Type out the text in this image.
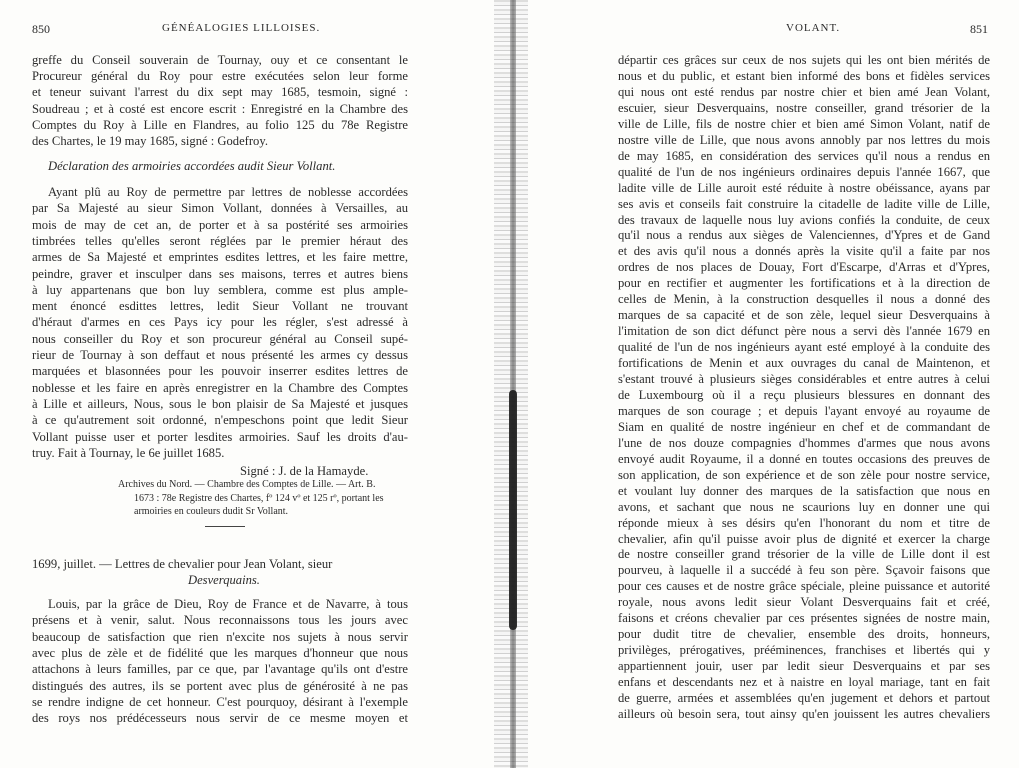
850	GÉNÉALOGIES LILLOISES.
greffe du Conseil souverain de Tournay, ouy et ce consentant le
Procureur général du Roy pour estre exécutées selon leur forme
et teneur suivant l'arrest du dix sept may 1685, tesmoin, signé :
Soudreau ; et à costé est encore escrit : Enregistré en la Chambre des
Comptes du Roy à Lille en Flandres, au folio 125 du 78e Registre
des Chartes, le 19 may 1685, signé : Godefroy.
Déclaration des armoiries accordées audit Sieur Vollant.
Ayant plû au Roy de permettre par lettres de noblesse accordées
par Sa Majesté au sieur Simon Vollant, données à Versailles, au
mois de may de cet an, de porter et à sa postérité ses armoiries
timbrées telles qu'elles seront réglées par le premier héraut des
armes de Sa Majesté et emprintes esdites lettres, et les faire mettre,
peindre, graver et insculper dans ses maisons, terres et autres biens
à luy appartenans que bon luy semblera, comme est plus ample-
ment énoncé esdittes lettres, ledit Sieur Vollant ne trouvant
d'héraut d'armes en ces Pays icy pour les régler, s'est adressé à
nous conseiller du Roy et son procureur général au Conseil supé-
rieur de Tournay à son deffaut et nous présenté les armes cy dessus
marquées et blasonnées pour les pouvoir inserrer esdites lettres de
noblesse et les faire en après enregistrer en la Chambre des Comptes
à Lille et ailleurs, Nous, sous le bon plaisir de Sa Majesté et jusques
à ce qu'autrement soit ordonné, n'empeschons point que ledit Sieur
Vollant puisse user et porter lesdites armoiries. Sauf les droits d'au-
truy. Fait à Tournay, le 6e juillet 1685.
Signé : J. de la Hamayde.
Archives du Nord. — Chambre des Comptes de Lille. — Art. B.
1673 : 78e Registre des Chartes, fº 124 vº et 125 rº, portant les
armoiries en couleurs dudit Sr Vollant.
1699, juillet. — Lettres de chevalier pour Jean Volant, sieur
Desverquains.
Louis, par la grâce de Dieu, Roy de France et de Navarre, à tous
présens et à venir, salut. Nous reconnaissons tous les jours avec
beaucoup de satisfaction que rien n'excite nos sujets à nous servir
avec plus de zèle et de fidélité que les marques d'honneur que nous
attachons à leurs familles, par ce que, par l'avantage qu'ils ont d'estre
distingués des autres, ils se portent avec plus de générosité à ne pas
se rendre indigne de cet honneur. C'est pourquoy, désirant à l'exemple
des roys nos prédécesseurs nous servir de ce mesme moyen et
VOLANT.	851
départir ces grâces sur ceux de nos sujets qui les ont bien mérités de
nous et du public, et estant bien informé des bons et fidèles services
qui nous ont esté rendus par nostre chier et bien amé Jean Volant,
escuier, sieur Desverquains, nostre conseiller, grand trésorier de la
ville de Lille, fils de nostre chier et bien amé Simon Volant, natif de
nostre ville de Lille, que nous avons annobly par nos lettres du mois
de may 1685, en considération des services qu'il nous a rendus en
qualité de l'un de nos ingénieurs ordinaires depuis l'année 1667, que
ladite ville de Lille auroit esté réduite à nostre obéissance, ayans par
ses avis et conseils fait construire la citadelle de ladite ville de Lille,
des travaux de laquelle nous luy avions confiés la conduite, de ceux
qu'il nous a rendus aux sièges de Valenciennes, d'Ypres et de Gand
et des avis qu'il nous a donnés après la visite qu'il a faite par nos
ordres de nos places de Douay, Fort d'Escarpe, d'Arras et d'Ypres,
pour en rectifier et augmenter les fortifications et à la direction de
celles de Menin, à la construction desquelles il nous a donné des
marques de sa capacité et de son zèle, lequel sieur Desverquains à
l'imitation de son dict défunct père nous a servi dès l'année 1679 en
qualité de l'un de nos ingénieurs ayant esté employé à la conduite des
fortifications de Menin et aux ouvrages du canal de Maintenon, et
s'estant trouvé à plusieurs sièges considérables et entre autres à celui
de Luxembourg où il a reçu plusieurs blessures en donnant des
marques de son courage ; et depuis l'ayant envoyé au royaume de
Siam en qualité de nostre ingénieur en chef et de commandant de
l'une de nos douze compagnies d'hommes d'armes que nous avons
envoyé audit Royaume, il a donné en toutes occasions des preuves de
son application, de son expérience et de son zèle pour nostre service,
et voulant luy donner des marques de la satisfaction que nous en
avons, et sachant que nous ne scaurions luy en donner une qui
réponde mieux à ses désirs qu'en l'honorant du nom et titre de
chevalier, afin qu'il puisse avoir plus de dignité et exercer la charge
de nostre conseiller grand trésorier de la ville de Lille dont il est
pourveu, à laquelle il a succédé à feu son père. Sçavoir faisons que
pour ces causes et de nostre grâce spéciale, pleine puissance et autorité
royale, nous avons ledit sieur Volant Desverquains fait et créé,
faisons et créons chevalier par ces présentes signées de nostre main,
pour dudit titre de chevalier, ensemble des droits, honneurs,
privilèges, prérogatives, prééminences, franchises et libertés qui y
appartiennent jouir, user par ledit sieur Desverquains et par ses
enfans et descendants nez et à naistre en loyal mariage, tant en fait
de guerre, armées et assemblées qu'en jugement et dehors et partout
ailleurs où besoin sera, tout ainsy qu'en jouissent les autres chevaliers
